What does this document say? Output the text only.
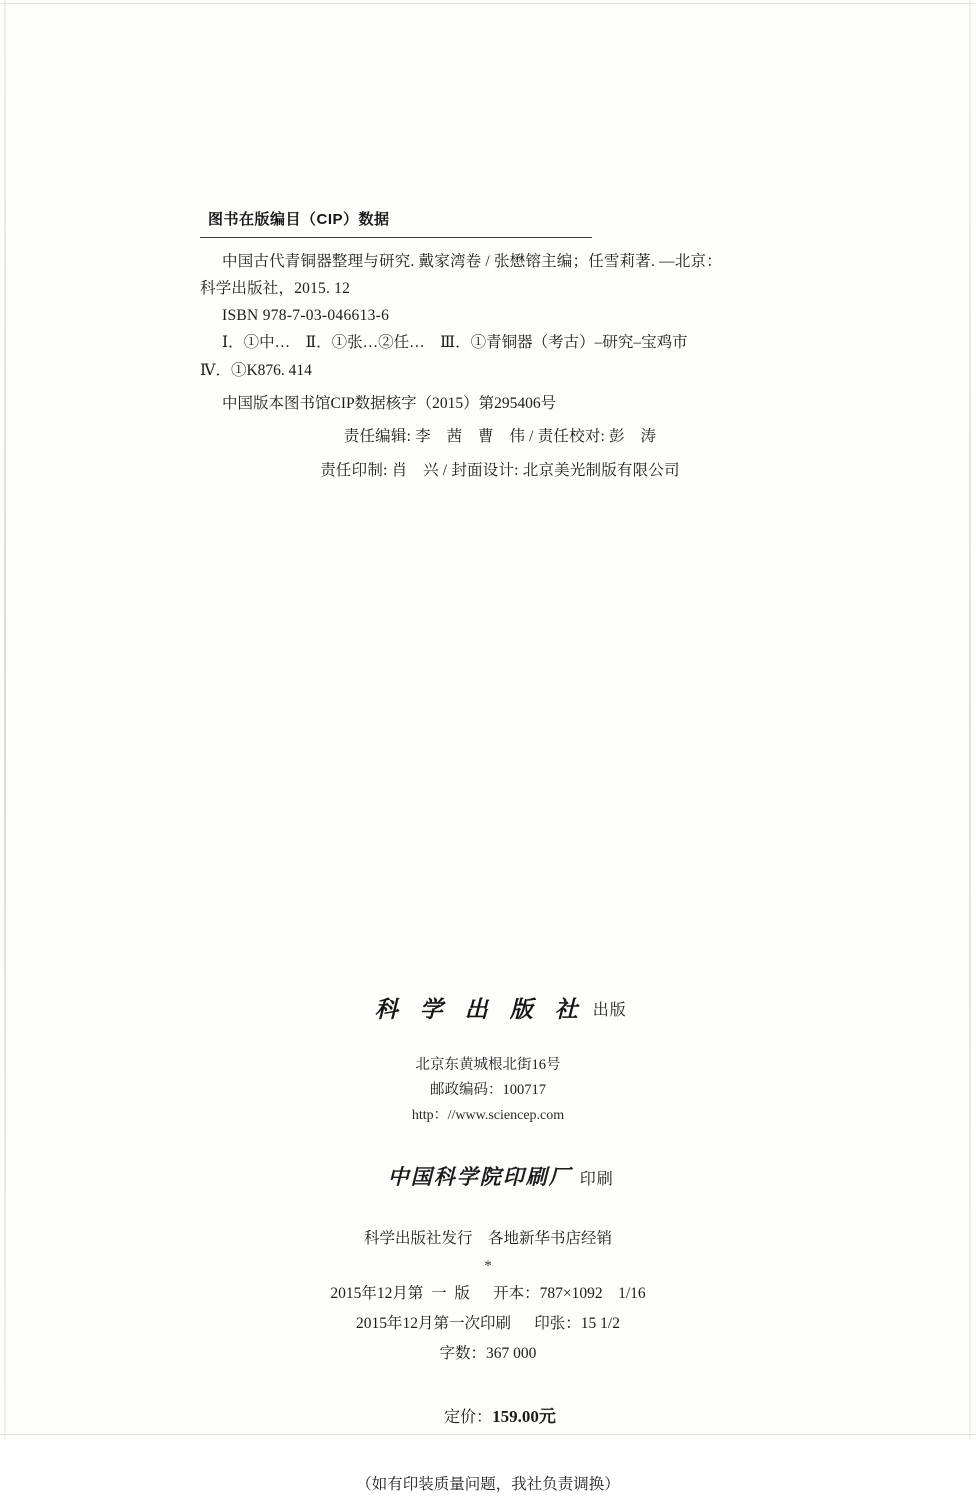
图书在版编目（CIP）数据
中国古代青铜器整理与研究. 戴家湾卷 / 张懋镕主编；任雪莉著. —北京：
科学出版社，2015. 12
ISBN 978-7-03-046613-6
Ⅰ．①中…　Ⅱ．①张…②任…　Ⅲ．①青铜器（考古）–研究–宝鸡市
Ⅳ．①K876. 414
中国版本图书馆CIP数据核字（2015）第295406号
责任编辑: 李　茜　曹　伟 / 责任校对: 彭　涛
责任印制: 肖　兴 / 封面设计: 北京美光制版有限公司

科 学 出 版 社 出版

北京东黄城根北街16号
邮政编码：100717
http：//www.sciencep.com

中国科学院印刷厂 印刷

科学出版社发行　各地新华书店经销
*
2015年12月第  一  版      开本：787×1092　1/16
2015年12月第一次印刷      印张：15 1/2
字数：367 000

定价：159.00元

（如有印装质量问题，我社负责调换）
